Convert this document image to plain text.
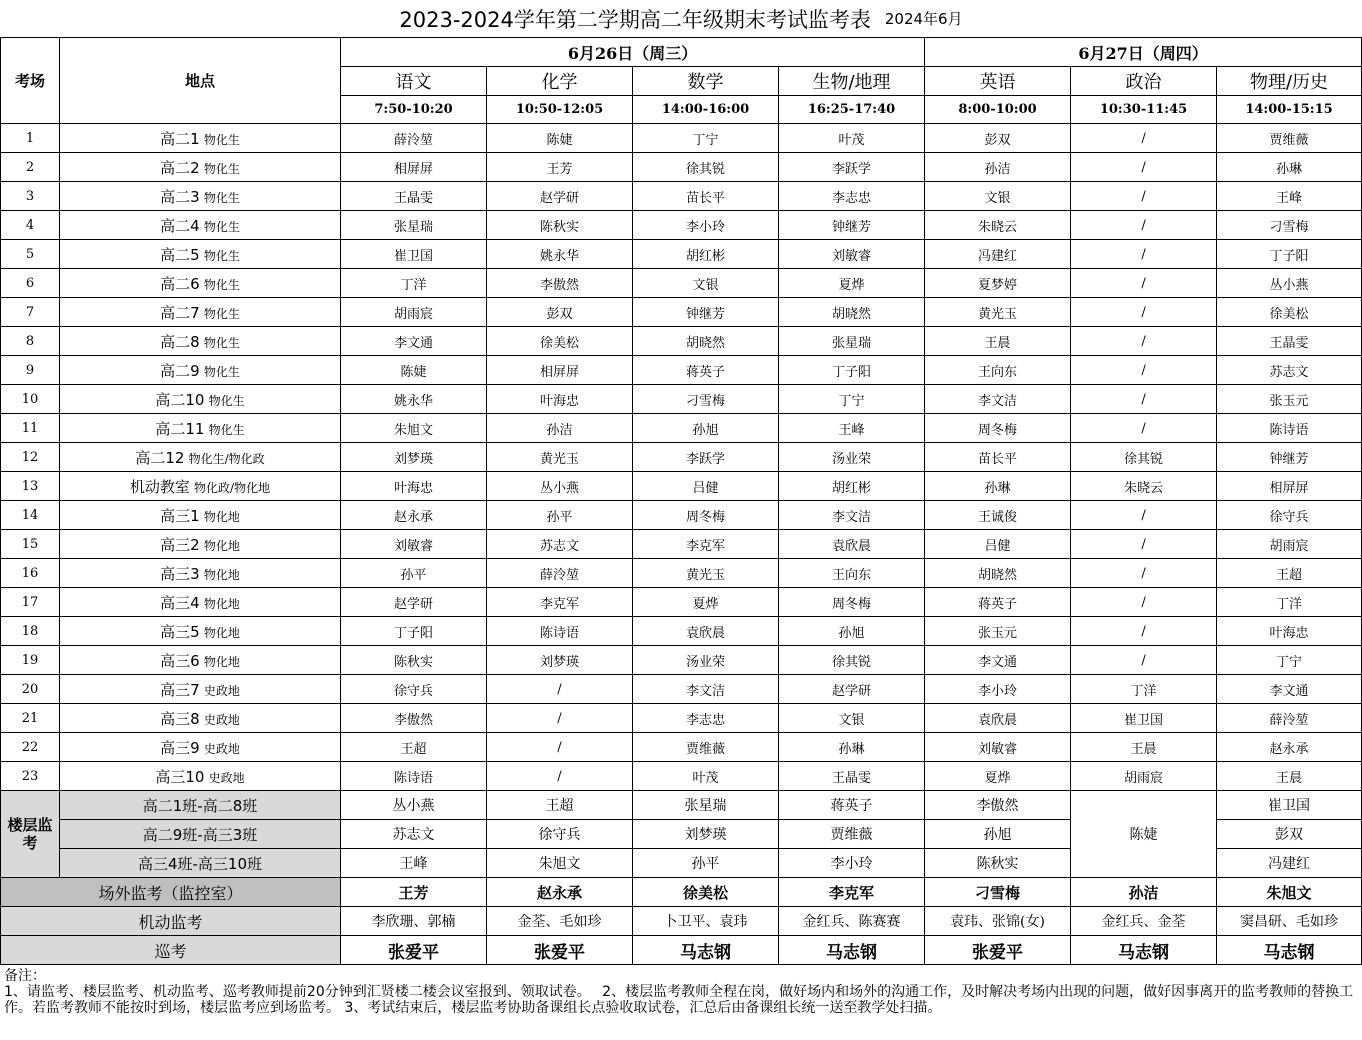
2023-2024学年第二学期高二年级期末考试监考表 2024年6月
考场	地点	6月26日（周三）				6月27日（周四）		
		语文	化学	数学	生物/地理	英语	政治	物理/历史
		7:50-10:20	10:50-12:05	14:00-16:00	16:25-17:40	8:00-10:00	10:30-11:45	14:00-15:15
1	高二1 物化生	薛泠堃	陈婕	丁宁	叶茂	彭双	/	贾维薇
2	高二2 物化生	相屏屏	王芳	徐其锐	李跃学	孙洁	/	孙琳
3	高二3 物化生	王晶雯	赵学研	苗长平	李志忠	文银	/	王峰
4	高二4 物化生	张星瑞	陈秋实	李小玲	钟继芳	朱晓云	/	刁雪梅
5	高二5 物化生	崔卫国	姚永华	胡红彬	刘敏睿	冯建红	/	丁子阳
6	高二6 物化生	丁洋	李傲然	文银	夏烨	夏梦婷	/	丛小燕
7	高二7 物化生	胡雨宸	彭双	钟继芳	胡晓然	黄光玉	/	徐美松
8	高二8 物化生	李文通	徐美松	胡晓然	张星瑞	王晨	/	王晶雯
9	高二9 物化生	陈婕	相屏屏	蒋英子	丁子阳	王向东	/	苏志文
10	高二10 物化生	姚永华	叶海忠	刁雪梅	丁宁	李文洁	/	张玉元
11	高二11 物化生	朱旭文	孙洁	孙旭	王峰	周冬梅	/	陈诗语
12	高二12 物化生/物化政	刘梦瑛	黄光玉	李跃学	汤业荣	苗长平	徐其锐	钟继芳
13	机动教室 物化政/物化地	叶海忠	丛小燕	吕健	胡红彬	孙琳	朱晓云	相屏屏
14	高三1 物化地	赵永承	孙平	周冬梅	李文洁	王诚俊	/	徐守兵
15	高三2 物化地	刘敏睿	苏志文	李克军	袁欣晨	吕健	/	胡雨宸
16	高三3 物化地	孙平	薛泠堃	黄光玉	王向东	胡晓然	/	王超
17	高三4 物化地	赵学研	李克军	夏烨	周冬梅	蒋英子	/	丁洋
18	高三5 物化地	丁子阳	陈诗语	袁欣晨	孙旭	张玉元	/	叶海忠
19	高三6 物化地	陈秋实	刘梦瑛	汤业荣	徐其锐	李文通	/	丁宁
20	高三7 史政地	徐守兵	/	李文洁	赵学研	李小玲	丁洋	李文通
21	高三8 史政地	李傲然	/	李志忠	文银	袁欣晨	崔卫国	薛泠堃
22	高三9 史政地	王超	/	贾维薇	孙琳	刘敏睿	王晨	赵永承
23	高三10 史政地	陈诗语	/	叶茂	王晶雯	夏烨	胡雨宸	王晨
楼层监考	高二1班-高二8班	丛小燕	王超	张星瑞	蒋英子	李傲然	陈婕	崔卫国
	高二9班-高三3班	苏志文	徐守兵	刘梦瑛	贾维薇	孙旭		彭双
	高三4班-高三10班	王峰	朱旭文	孙平	李小玲	陈秋实		冯建红
场外监考（监控室）		王芳	赵永承	徐美松	李克军	刁雪梅	孙洁	朱旭文
机动监考		李欣珊、郭楠	金荃、毛如珍	卜卫平、袁玮	金红兵、陈赛赛	袁玮、张锦(女)	金红兵、金荃	窦昌研、毛如珍
巡考		张爱平	张爱平	马志钢	马志钢	张爱平	马志钢	马志钢
备注：
1、请监考、楼层监考、机动监考、巡考教师提前20分钟到汇贤楼二楼会议室报到、领取试卷。　 2、楼层监考教师全程在岗，做好场内和场外的沟通工作，及时解决考场内出现的问题，做好因事离开的监考教师的替换工作。若监考教师不能按时到场，楼层监考应到场监考。 3、考试结束后，楼层监考协助备课组长点验收取试卷，汇总后由备课组长统一送至教学处扫描。
